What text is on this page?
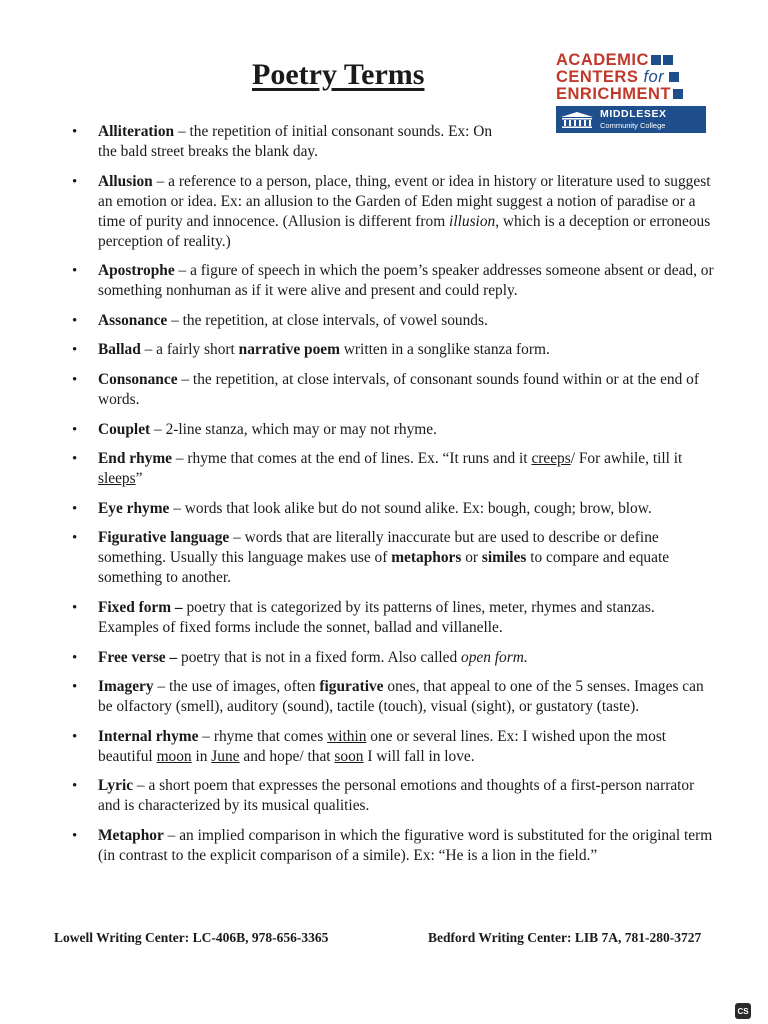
Poetry Terms	ACADEMIC
CENTERS for
ENRICHMENT
MIDDLESEX
Community College
• Alliteration – the repetition of initial consonant sounds. Ex: On
the bald street breaks the blank day.
• Allusion – a reference to a person, place, thing, event or idea in history or literature used to suggest an emotion or idea. Ex: an allusion to the Garden of Eden might suggest a notion of paradise or a time of purity and innocence. (Allusion is different from illusion, which is a deception or erroneous perception of reality.)
• Apostrophe – a figure of speech in which the poem’s speaker addresses someone absent or dead, or something nonhuman as if it were alive and present and could reply.
• Assonance – the repetition, at close intervals, of vowel sounds.
• Ballad – a fairly short narrative poem written in a songlike stanza form.
• Consonance – the repetition, at close intervals, of consonant sounds found within or at the end of words.
• Couplet – 2-line stanza, which may or may not rhyme.
• End rhyme – rhyme that comes at the end of lines. Ex. “It runs and it creeps/ For awhile, till it sleeps”
• Eye rhyme – words that look alike but do not sound alike. Ex: bough, cough; brow, blow.
• Figurative language – words that are literally inaccurate but are used to describe or define something. Usually this language makes use of metaphors or similes to compare and equate something to another.
• Fixed form – poetry that is categorized by its patterns of lines, meter, rhymes and stanzas. Examples of fixed forms include the sonnet, ballad and villanelle.
• Free verse – poetry that is not in a fixed form. Also called open form.
• Imagery – the use of images, often figurative ones, that appeal to one of the 5 senses. Images can be olfactory (smell), auditory (sound), tactile (touch), visual (sight), or gustatory (taste).
• Internal rhyme – rhyme that comes within one or several lines. Ex: I wished upon the most beautiful moon in June and hope/ that soon I will fall in love.
• Lyric – a short poem that expresses the personal emotions and thoughts of a first-person narrator and is characterized by its musical qualities.
• Metaphor – an implied comparison in which the figurative word is substituted for the original term (in contrast to the explicit comparison of a simile). Ex: “He is a lion in the field.”
Lowell Writing Center: LC-406B, 978-656-3365	Bedford Writing Center: LIB 7A, 781-280-3727
CS
